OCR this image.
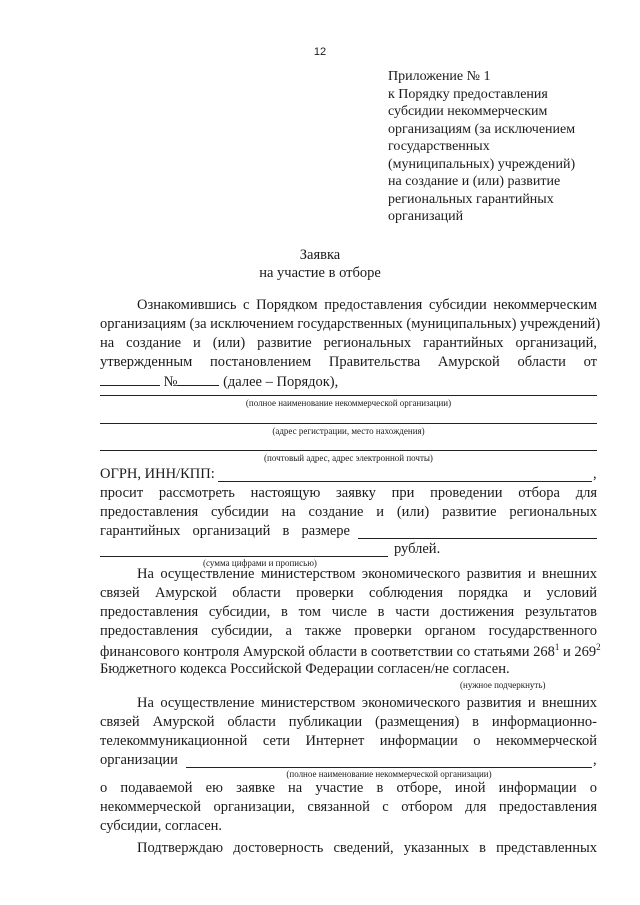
12
Приложение № 1
к Порядку предоставления
субсидии некоммерческим
организациям (за исключением
государственных
(муниципальных) учреждений)
на создание и (или) развитие
региональных гарантийных
организаций
Заявка
на участие в отборе
Ознакомившись с Порядком предоставления субсидии некоммерческим
организациям (за исключением государственных (муниципальных) учреждений)
на создание и (или) развитие региональных гарантийных организаций,
утвержденным постановлением Правительства Амурской области от
№	(далее – Порядок),
(полное наименование некоммерческой организации)
(адрес регистрации, место нахождения)
(почтовый адрес, адрес электронной почты)
ОГРН, ИНН/КПП:	,
просит рассмотреть настоящую заявку при проведении отбора для
предоставления субсидии на создание и (или) развитие региональных
гарантийных организаций в размере
рублей.
(сумма цифрами и прописью)
На осуществление министерством экономического развития и внешних
связей Амурской области проверки соблюдения порядка и условий
предоставления субсидии, в том числе в части достижения результатов
предоставления субсидии, а также проверки органом государственного
финансового контроля Амурской области в соответствии со статьями $268^1$ и $269^2$
Бюджетного кодекса Российской Федерации согласен/не согласен.
(нужное подчеркнуть)
На осуществление министерством экономического развития и внешних
связей Амурской области публикации (размещения) в информационно-
телекоммуникационной сети Интернет информации о некоммерческой
организации	,
(полное наименование некоммерческой организации)
о подаваемой ею заявке на участие в отборе, иной информации о
некоммерческой организации, связанной с отбором для предоставления
субсидии, согласен.
Подтверждаю достоверность сведений, указанных в представленных
